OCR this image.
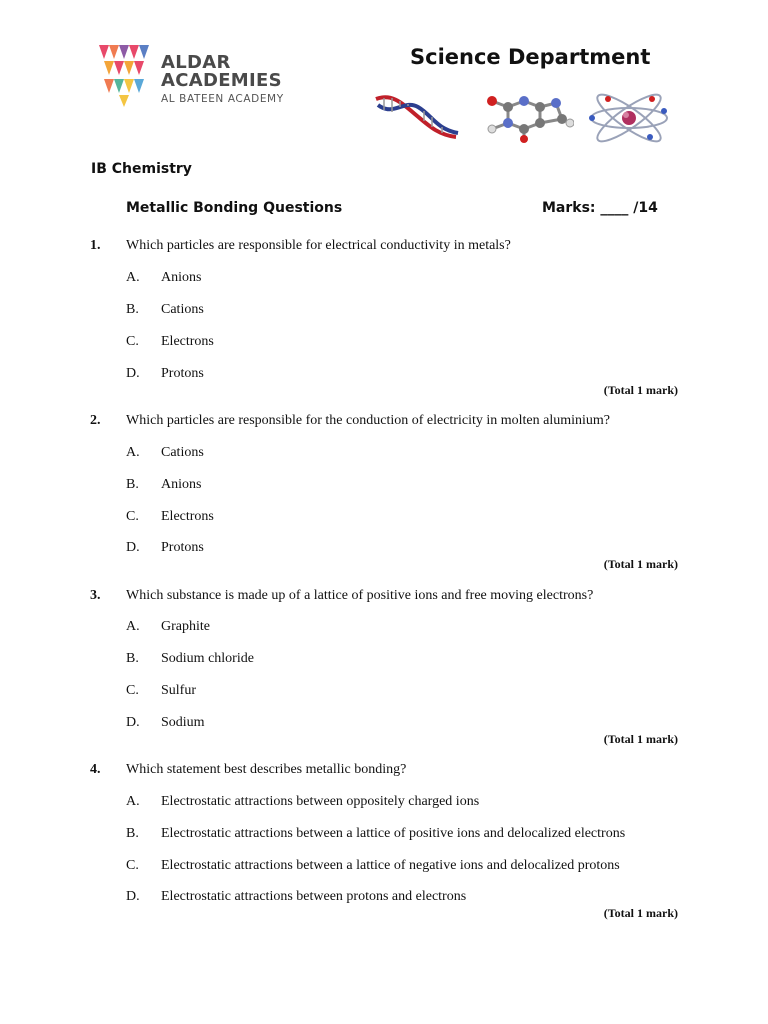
ALDAR
ACADEMIES
AL BATEEN ACADEMY
Science Department
IB Chemistry
Metallic Bonding Questions	Marks: ____ /14
1. Which particles are responsible for electrical conductivity in metals?
A. Anions
B. Cations
C. Electrons
D. Protons
(Total 1 mark)
2. Which particles are responsible for the conduction of electricity in molten aluminium?
A. Cations
B. Anions
C. Electrons
D. Protons
(Total 1 mark)
3. Which substance is made up of a lattice of positive ions and free moving electrons?
A. Graphite
B. Sodium chloride
C. Sulfur
D. Sodium
(Total 1 mark)
4. Which statement best describes metallic bonding?
A. Electrostatic attractions between oppositely charged ions
B. Electrostatic attractions between a lattice of positive ions and delocalized electrons
C. Electrostatic attractions between a lattice of negative ions and delocalized protons
D. Electrostatic attractions between protons and electrons
(Total 1 mark)
